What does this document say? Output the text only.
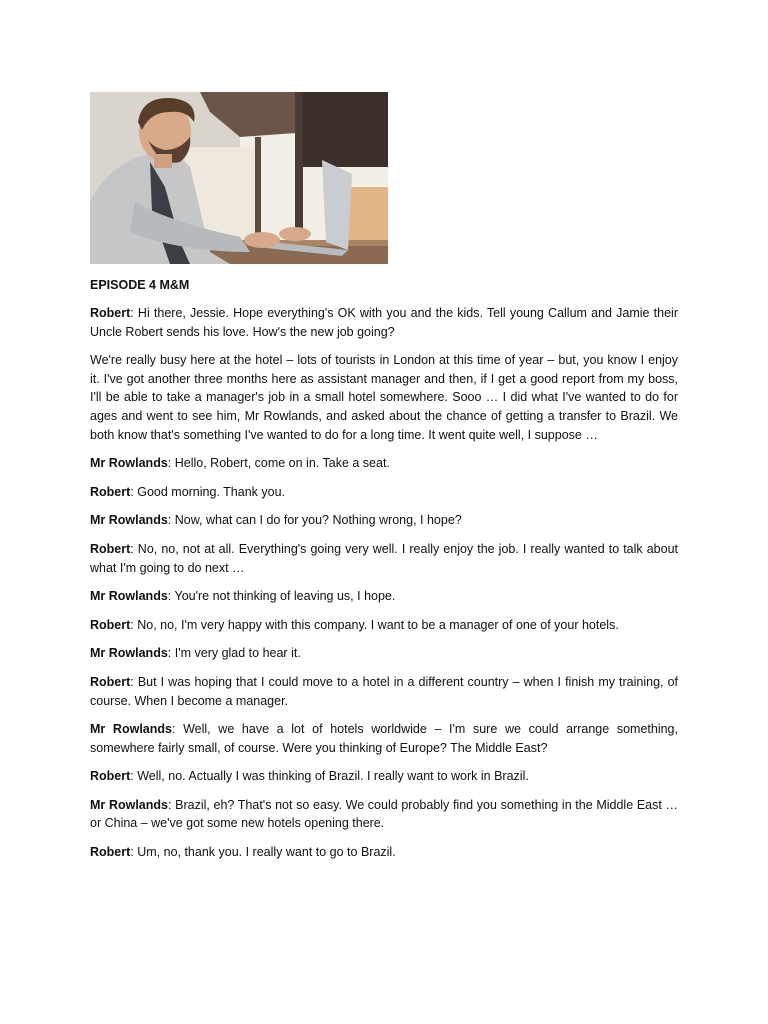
EPISODE 4 M&M

Robert: Hi there, Jessie. Hope everything's OK with you and the kids. Tell young Callum and Jamie their Uncle Robert sends his love. How's the new job going?

We're really busy here at the hotel – lots of tourists in London at this time of year – but, you know I enjoy it. I've got another three months here as assistant manager and then, if I get a good report from my boss, I'll be able to take a manager's job in a small hotel somewhere. Sooo … I did what I've wanted to do for ages and went to see him, Mr Rowlands, and asked about the chance of getting a transfer to Brazil. We both know that's something I've wanted to do for a long time. It went quite well, I suppose …

Mr Rowlands: Hello, Robert, come on in. Take a seat.

Robert: Good morning. Thank you.

Mr Rowlands: Now, what can I do for you? Nothing wrong, I hope?

Robert: No, no, not at all. Everything's going very well. I really enjoy the job. I really wanted to talk about what I'm going to do next …

Mr Rowlands: You're not thinking of leaving us, I hope.

Robert: No, no, I'm very happy with this company. I want to be a manager of one of your hotels.

Mr Rowlands: I'm very glad to hear it.

Robert: But I was hoping that I could move to a hotel in a different country – when I finish my training, of course. When I become a manager.

Mr Rowlands: Well, we have a lot of hotels worldwide – I'm sure we could arrange something, somewhere fairly small, of course. Were you thinking of Europe? The Middle East?

Robert: Well, no. Actually I was thinking of Brazil. I really want to work in Brazil.

Mr Rowlands: Brazil, eh? That's not so easy. We could probably find you something in the Middle East … or China – we've got some new hotels opening there.

Robert: Um, no, thank you. I really want to go to Brazil.
